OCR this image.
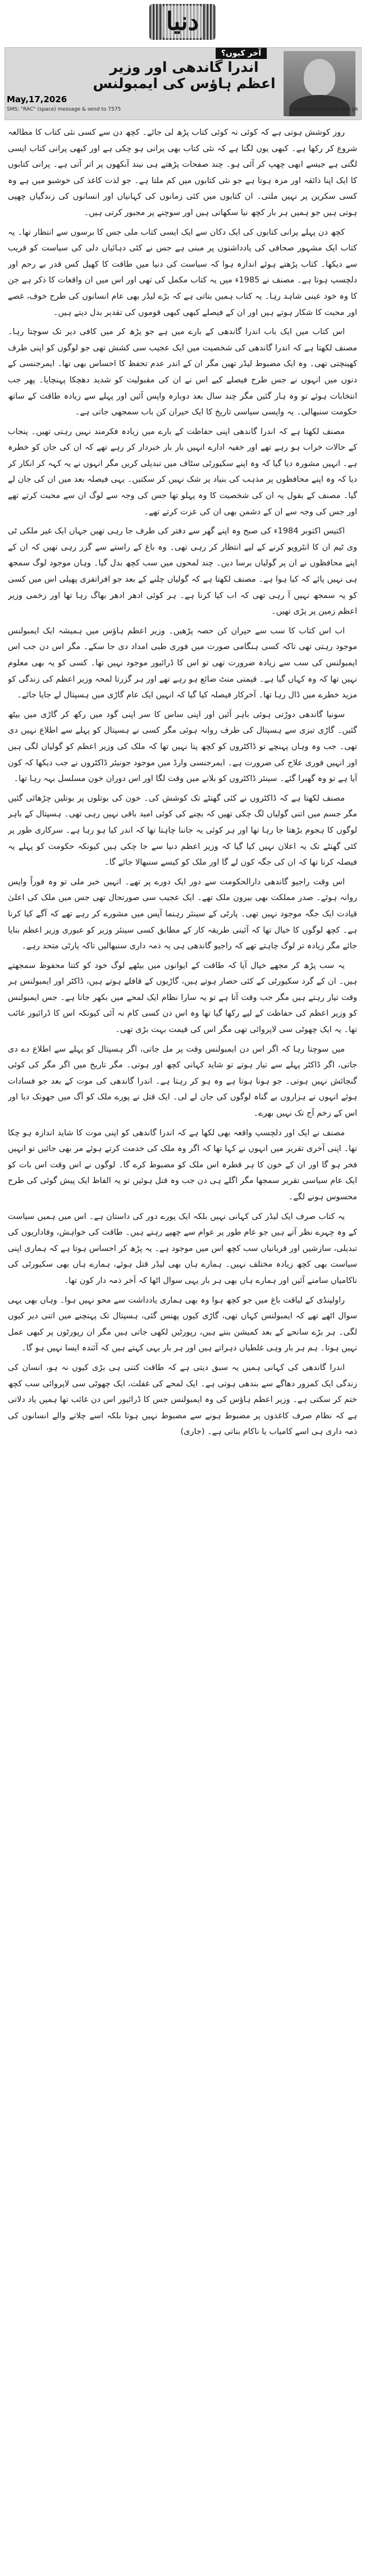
دنیا
آخر کیوں؟
اندرا گاندھی اور وزیر اعظم ہاؤس کی ایمبولنس
May,17,2026
SMS: "RAC" (space) message & send to 7575	rauf.klasra@dunya.com.pk

روز کوشش ہوتی ہے کہ کوئی نہ کوئی کتاب پڑھ لی جائے۔ کچھ دن سے کسی نئی کتاب کا مطالعہ شروع کر رکھا ہے۔ کبھی یوں لگتا ہے کہ نئی کتاب بھی پرانی ہو چکی ہے اور کبھی پرانی کتاب ایسی لگتی ہے جیسے ابھی چھپ کر آئی ہو۔ چند صفحات پڑھتے ہی نیند آنکھوں پر اتر آتی ہے۔ پرانی کتابوں کا ایک اپنا ذائقہ اور مزہ ہوتا ہے جو نئی کتابوں میں کم ملتا ہے۔ جو لذت کاغذ کی خوشبو میں ہے وہ کسی سکرین پر نہیں ملتی۔ ان کتابوں میں کئی زمانوں کی کہانیاں اور انسانوں کی زندگیاں چھپی ہوتی ہیں جو ہمیں ہر بار کچھ نیا سکھاتی ہیں اور سوچنے پر مجبور کرتی ہیں۔

کچھ دن پہلے پرانی کتابوں کی ایک دکان سے ایک ایسی کتاب ملی جس کا برسوں سے انتظار تھا۔ یہ کتاب ایک مشہور صحافی کی یادداشتوں پر مبنی ہے جس نے کئی دہائیاں دلی کی سیاست کو قریب سے دیکھا۔ کتاب پڑھتے ہوئے اندازہ ہوا کہ سیاست کی دنیا میں طاقت کا کھیل کس قدر بے رحم اور دلچسپ ہوتا ہے۔ مصنف نے 1985ء میں یہ کتاب مکمل کی تھی اور اس میں ان واقعات کا ذکر ہے جن کا وہ خود عینی شاہد رہا۔ یہ کتاب ہمیں بتاتی ہے کہ بڑے لیڈر بھی عام انسانوں کی طرح خوف، غصے اور محبت کا شکار ہوتے ہیں اور ان کے فیصلے کبھی کبھی قوموں کی تقدیر بدل دیتے ہیں۔

اس کتاب میں ایک باب اندرا گاندھی کے بارے میں ہے جو پڑھ کر میں کافی دیر تک سوچتا رہا۔ مصنف لکھتا ہے کہ اندرا گاندھی کی شخصیت میں ایک عجیب سی کشش تھی جو لوگوں کو اپنی طرف کھینچتی تھی۔ وہ ایک مضبوط لیڈر تھیں مگر ان کے اندر عدم تحفظ کا احساس بھی تھا۔ ایمرجنسی کے دنوں میں انہوں نے جس طرح فیصلے کیے اس نے ان کی مقبولیت کو شدید دھچکا پہنچایا۔ پھر جب انتخابات ہوئے تو وہ ہار گئیں مگر چند سال بعد دوبارہ واپس آئیں اور پہلے سے زیادہ طاقت کے ساتھ حکومت سنبھالی۔ یہ واپسی سیاسی تاریخ کا ایک حیران کن باب سمجھی جاتی ہے۔

مصنف لکھتا ہے کہ اندرا گاندھی اپنی حفاظت کے بارے میں زیادہ فکرمند نہیں رہتی تھیں۔ پنجاب کے حالات خراب ہو رہے تھے اور خفیہ ادارے انہیں بار بار خبردار کر رہے تھے کہ ان کی جان کو خطرہ ہے۔ انہیں مشورہ دیا گیا کہ وہ اپنے سکیورٹی سٹاف میں تبدیلی کریں مگر انہوں نے یہ کہہ کر انکار کر دیا کہ وہ اپنے محافظوں پر مذہب کی بنیاد پر شک نہیں کر سکتیں۔ یہی فیصلہ بعد میں ان کی جان لے گیا۔ مصنف کے بقول یہ ان کی شخصیت کا وہ پہلو تھا جس کی وجہ سے لوگ ان سے محبت کرتے تھے اور جس کی وجہ سے ان کے دشمن بھی ان کی عزت کرتے تھے۔

اکتیس اکتوبر 1984ء کی صبح وہ اپنے گھر سے دفتر کی طرف جا رہی تھیں جہاں ایک غیر ملکی ٹی وی ٹیم ان کا انٹرویو کرنے کے لیے انتظار کر رہی تھی۔ وہ باغ کے راستے سے گزر رہی تھیں کہ ان کے اپنے محافظوں نے ان پر گولیاں برسا دیں۔ چند لمحوں میں سب کچھ بدل گیا۔ وہاں موجود لوگ سمجھ ہی نہیں پائے کہ کیا ہوا ہے۔ مصنف لکھتا ہے کہ گولیاں چلنے کے بعد جو افراتفری پھیلی اس میں کسی کو یہ سمجھ نہیں آ رہی تھی کہ اب کیا کرنا ہے۔ ہر کوئی ادھر ادھر بھاگ رہا تھا اور زخمی وزیر اعظم زمین پر پڑی تھیں۔

اب اس کتاب کا سب سے حیران کن حصہ پڑھیں۔ وزیر اعظم ہاؤس میں ہمیشہ ایک ایمبولنس موجود رہتی تھی تاکہ کسی ہنگامی صورت میں فوری طبی امداد دی جا سکے۔ مگر اس دن جب اس ایمبولنس کی سب سے زیادہ ضرورت تھی تو اس کا ڈرائیور موجود نہیں تھا۔ کسی کو یہ بھی معلوم نہیں تھا کہ وہ کہاں گیا ہے۔ قیمتی منٹ ضائع ہو رہے تھے اور ہر گزرتا لمحہ وزیر اعظم کی زندگی کو مزید خطرے میں ڈال رہا تھا۔ آخرکار فیصلہ کیا گیا کہ انہیں ایک عام گاڑی میں ہسپتال لے جایا جائے۔

سونیا گاندھی دوڑتی ہوئی باہر آئیں اور اپنی ساس کا سر اپنی گود میں رکھ کر گاڑی میں بیٹھ گئیں۔ گاڑی تیزی سے ہسپتال کی طرف روانہ ہوئی مگر کسی نے ہسپتال کو پہلے سے اطلاع نہیں دی تھی۔ جب وہ وہاں پہنچے تو ڈاکٹروں کو کچھ پتا نہیں تھا کہ ملک کی وزیر اعظم کو گولیاں لگی ہیں اور انہیں فوری علاج کی ضرورت ہے۔ ایمرجنسی وارڈ میں موجود جونیئر ڈاکٹروں نے جب دیکھا کہ کون آیا ہے تو وہ گھبرا گئے۔ سینئر ڈاکٹروں کو بلانے میں وقت لگا اور اس دوران خون مسلسل بہہ رہا تھا۔

مصنف لکھتا ہے کہ ڈاکٹروں نے کئی گھنٹے تک کوشش کی۔ خون کی بوتلوں پر بوتلیں چڑھائی گئیں مگر جسم میں اتنی گولیاں لگ چکی تھیں کہ بچنے کی کوئی امید باقی نہیں رہی تھی۔ ہسپتال کے باہر لوگوں کا ہجوم بڑھتا جا رہا تھا اور ہر کوئی یہ جاننا چاہتا تھا کہ اندر کیا ہو رہا ہے۔ سرکاری طور پر کئی گھنٹے تک یہ اعلان نہیں کیا گیا کہ وزیر اعظم دنیا سے جا چکی ہیں کیونکہ حکومت کو پہلے یہ فیصلہ کرنا تھا کہ ان کی جگہ کون لے گا اور ملک کو کیسے سنبھالا جائے گا۔

اس وقت راجیو گاندھی دارالحکومت سے دور ایک دورے پر تھے۔ انہیں خبر ملی تو وہ فوراً واپس روانہ ہوئے۔ صدر مملکت بھی بیرون ملک تھے۔ ایک عجیب سی صورتحال تھی جس میں ملک کی اعلیٰ قیادت ایک جگہ موجود نہیں تھی۔ پارٹی کے سینئر رہنما آپس میں مشورے کر رہے تھے کہ آگے کیا کرنا ہے۔ کچھ لوگوں کا خیال تھا کہ آئینی طریقہ کار کے مطابق کسی سینئر وزیر کو عبوری وزیر اعظم بنایا جائے مگر زیادہ تر لوگ چاہتے تھے کہ راجیو گاندھی ہی یہ ذمہ داری سنبھالیں تاکہ پارٹی متحد رہے۔

یہ سب پڑھ کر مجھے خیال آیا کہ طاقت کے ایوانوں میں بیٹھے لوگ خود کو کتنا محفوظ سمجھتے ہیں۔ ان کے گرد سکیورٹی کے کئی حصار ہوتے ہیں، گاڑیوں کے قافلے ہوتے ہیں، ڈاکٹر اور ایمبولنس ہر وقت تیار رہتے ہیں مگر جب وقت آتا ہے تو یہ سارا نظام ایک لمحے میں بکھر جاتا ہے۔ جس ایمبولنس کو وزیر اعظم کی حفاظت کے لیے رکھا گیا تھا وہ اس دن کسی کام نہ آئی کیونکہ اس کا ڈرائیور غائب تھا۔ یہ ایک چھوٹی سی لاپروائی تھی مگر اس کی قیمت بہت بڑی تھی۔

میں سوچتا رہا کہ اگر اس دن ایمبولنس وقت پر مل جاتی، اگر ہسپتال کو پہلے سے اطلاع دے دی جاتی، اگر ڈاکٹر پہلے سے تیار ہوتے تو شاید کہانی کچھ اور ہوتی۔ مگر تاریخ میں اگر مگر کی کوئی گنجائش نہیں ہوتی۔ جو ہونا ہوتا ہے وہ ہو کر رہتا ہے۔ اندرا گاندھی کی موت کے بعد جو فسادات ہوئے انہوں نے ہزاروں بے گناہ لوگوں کی جان لے لی۔ ایک قتل نے پورے ملک کو آگ میں جھونک دیا اور اس کے زخم آج تک نہیں بھرے۔

مصنف نے ایک اور دلچسپ واقعہ بھی لکھا ہے کہ اندرا گاندھی کو اپنی موت کا شاید اندازہ ہو چکا تھا۔ اپنی آخری تقریر میں انہوں نے کہا تھا کہ اگر وہ ملک کی خدمت کرتے ہوئے مر بھی جائیں تو انہیں فخر ہو گا اور ان کے خون کا ہر قطرہ اس ملک کو مضبوط کرے گا۔ لوگوں نے اس وقت اس بات کو ایک عام سیاسی تقریر سمجھا مگر اگلے ہی دن جب وہ قتل ہوئیں تو یہ الفاظ ایک پیش گوئی کی طرح محسوس ہونے لگے۔

یہ کتاب صرف ایک لیڈر کی کہانی نہیں بلکہ ایک پورے دور کی داستان ہے۔ اس میں ہمیں سیاست کے وہ چہرے نظر آتے ہیں جو عام طور پر عوام سے چھپے رہتے ہیں۔ طاقت کی خواہش، وفاداریوں کی تبدیلی، سازشیں اور قربانیاں سب کچھ اس میں موجود ہے۔ یہ پڑھ کر احساس ہوتا ہے کہ ہماری اپنی سیاست بھی کچھ زیادہ مختلف نہیں۔ ہمارے ہاں بھی لیڈر قتل ہوئے، ہمارے ہاں بھی سکیورٹی کی ناکامیاں سامنے آئیں اور ہمارے ہاں بھی ہر بار یہی سوال اٹھا کہ آخر ذمہ دار کون تھا۔

راولپنڈی کے لیاقت باغ میں جو کچھ ہوا وہ بھی ہماری یادداشت سے محو نہیں ہوا۔ وہاں بھی یہی سوال اٹھے تھے کہ ایمبولنس کہاں تھی، گاڑی کیوں پھنس گئی، ہسپتال تک پہنچنے میں اتنی دیر کیوں لگی۔ ہر بڑے سانحے کے بعد کمیشن بنتے ہیں، رپورٹیں لکھی جاتی ہیں مگر ان رپورٹوں پر کبھی عمل نہیں ہوتا۔ ہم ہر بار وہی غلطیاں دہراتے ہیں اور ہر بار یہی کہتے ہیں کہ آئندہ ایسا نہیں ہو گا۔

اندرا گاندھی کی کہانی ہمیں یہ سبق دیتی ہے کہ طاقت کتنی ہی بڑی کیوں نہ ہو، انسان کی زندگی ایک کمزور دھاگے سے بندھی ہوتی ہے۔ ایک لمحے کی غفلت، ایک چھوٹی سی لاپروائی سب کچھ ختم کر سکتی ہے۔ وزیر اعظم ہاؤس کی وہ ایمبولنس جس کا ڈرائیور اس دن غائب تھا ہمیں یاد دلاتی ہے کہ نظام صرف کاغذوں پر مضبوط ہونے سے مضبوط نہیں ہوتا بلکہ اسے چلانے والے انسانوں کی ذمہ داری ہی اسے کامیاب یا ناکام بناتی ہے۔ (جاری)
